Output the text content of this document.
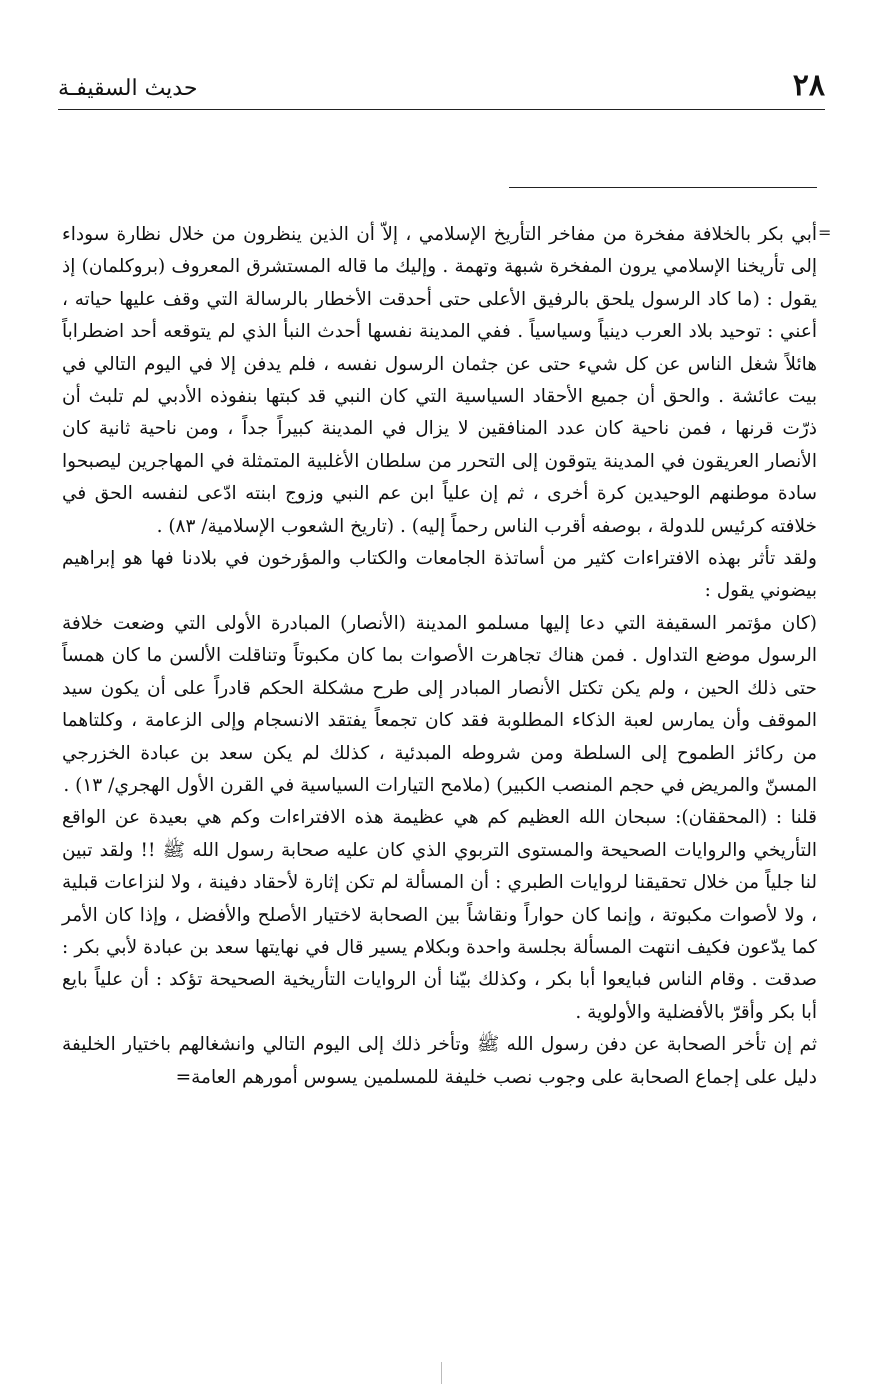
٢٨
حديث السقيفـة
=

أبي بكر بالخلافة مفخرة من مفاخر التأريخ الإسلامي ، إلاّ أن الذين ينظرون من خلال نظارة سوداء إلى تأريخنا الإسلامي يرون المفخرة شبهة وتهمة . وإليك ما قاله المستشرق المعروف (بروكلمان) إذ يقول : (ما كاد الرسول يلحق بالرفيق الأعلى حتى أحدقت الأخطار بالرسالة التي وقف عليها حياته ، أعني : توحيد بلاد العرب دينياً وسياسياً . ففي المدينة نفسها أحدث النبأ الذي لم يتوقعه أحد اضطراباً هائلاً شغل الناس عن كل شيء حتى عن جثمان الرسول نفسه ، فلم يدفن إلا في اليوم التالي في بيت عائشة . والحق أن جميع الأحقاد السياسية التي كان النبي قد كبتها بنفوذه الأدبي لم تلبث أن ذرّت قرنها ، فمن ناحية كان عدد المنافقين لا يزال في المدينة كبيراً جداً ، ومن ناحية ثانية كان الأنصار العريقون في المدينة يتوقون إلى التحرر من سلطان الأغلبية المتمثلة في المهاجرين ليصبحوا سادة موطنهم الوحيدين كرة أخرى ، ثم إن علياً ابن عم النبي وزوج ابنته ادّعى لنفسه الحق في خلافته كرئيس للدولة ، بوصفه أقرب الناس رحماً إليه) . (تاريخ الشعوب الإسلامية/ ٨٣) .

ولقد تأثر بهذه الافتراءات كثير من أساتذة الجامعات والكتاب والمؤرخون في بلادنا فها هو إبراهيم بيضوني يقول :

(كان مؤتمر السقيفة التي دعا إليها مسلمو المدينة (الأنصار) المبادرة الأولى التي وضعت خلافة الرسول موضع التداول . فمن هناك تجاهرت الأصوات بما كان مكبوتاً وتناقلت الألسن ما كان همساً حتى ذلك الحين ، ولم يكن تكتل الأنصار المبادر إلى طرح مشكلة الحكم قادراً على أن يكون سيد الموقف وأن يمارس لعبة الذكاء المطلوبة فقد كان تجمعاً يفتقد الانسجام وإلى الزعامة ، وكلتاهما من ركائز الطموح إلى السلطة ومن شروطه المبدئية ، كذلك لم يكن سعد بن عبادة الخزرجي المسنّ والمريض في حجم المنصب الكبير) (ملامح التيارات السياسية في القرن الأول الهجري/ ١٣) .

قلنا : (المحققان): سبحان الله العظيم كم هي عظيمة هذه الافتراءات وكم هي بعيدة عن الواقع التأريخي والروايات الصحيحة والمستوى التربوي الذي كان عليه صحابة رسول الله ﷺ !! ولقد تبين لنا جلياً من خلال تحقيقنا لروايات الطبري : أن المسألة لم تكن إثارة لأحقاد دفينة ، ولا لنزاعات قبلية ، ولا لأصوات مكبوتة ، وإنما كان حواراً ونقاشاً بين الصحابة لاختيار الأصلح والأفضل ، وإذا كان الأمر كما يدّعون فكيف انتهت المسألة بجلسة واحدة وبكلام يسير قال في نهايتها سعد بن عبادة لأبي بكر : صدقت . وقام الناس فبايعوا أبا بكر ، وكذلك بيّنا أن الروايات التأريخية الصحيحة تؤكد : أن علياً بايع أبا بكر وأقرّ بالأفضلية والأولوية .

ثم إن تأخر الصحابة عن دفن رسول الله ﷺ وتأخر ذلك إلى اليوم التالي وانشغالهم باختيار الخليفة دليل على إجماع الصحابة على وجوب نصب خليفة للمسلمين يسوس أمورهم العامة=
